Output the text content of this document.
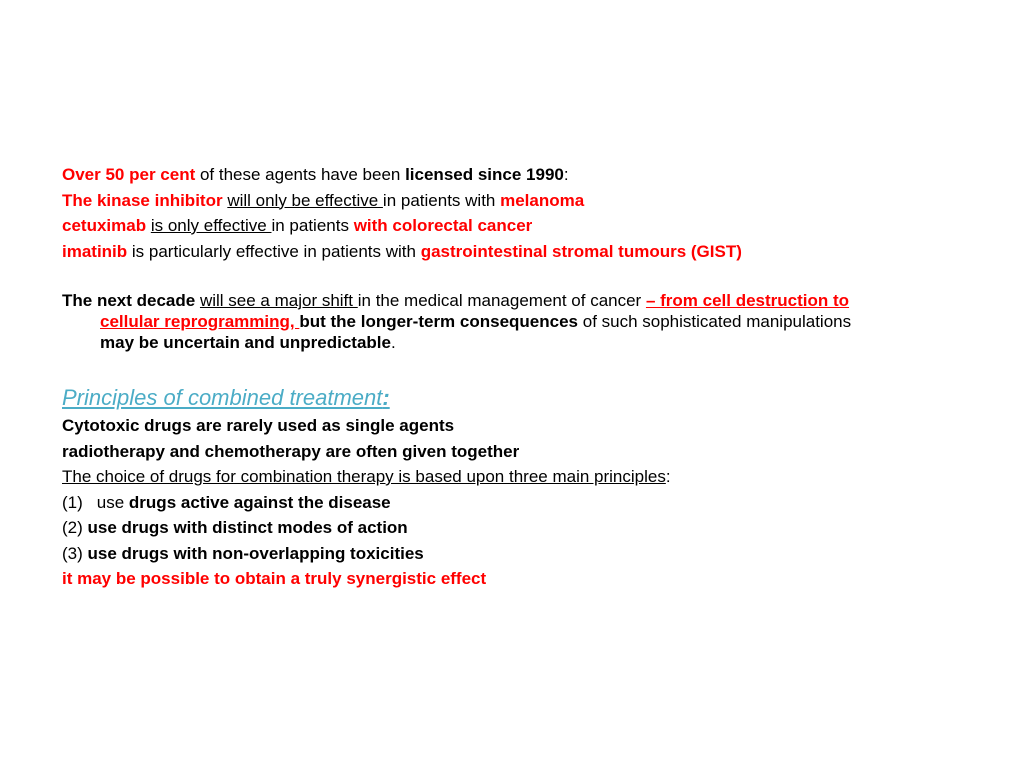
Over 50 per cent of these agents have been licensed since 1990:
The kinase inhibitor will only be effective in patients with melanoma
cetuximab is only effective in patients with colorectal cancer
imatinib is particularly effective in patients with gastrointestinal stromal tumours (GIST)
The next decade will see a major shift in the medical management of cancer – from cell destruction to
cellular reprogramming, but the longer-term consequences of such sophisticated manipulations
may be uncertain and unpredictable.
Principles of combined treatment:
Cytotoxic drugs are rarely used as single agents
radiotherapy and chemotherapy are often given together
The choice of drugs for combination therapy is based upon three main principles:
(1) use drugs active against the disease
(2) use drugs with distinct modes of action
(3) use drugs with non-overlapping toxicities
it may be possible to obtain a truly synergistic effect
